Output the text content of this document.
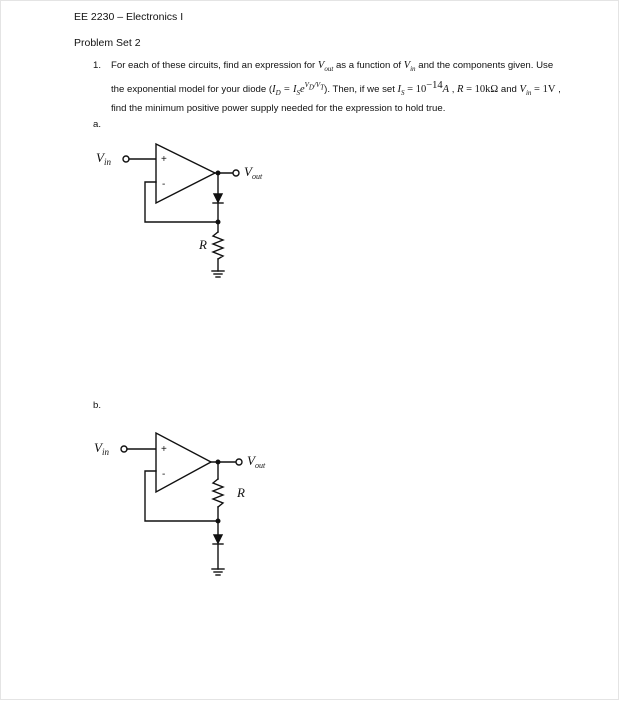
EE 2230 – Electronics I
Problem Set 2
1. For each of these circuits, find an expression for $V_{out}$ as a function of $V_{in}$ and the components given. Use the exponential model for your diode $(I_D = I_Se^{V_D/V_T})$. Then, if we set $I_S = 10^{-14}A$ , R = 10kΩ and $V_{in} = 1V$ , find the minimum positive power supply needed for the expression to hold true.
a.
b.
$V_{in}$	+
-
$V_{out}$
R
$V_{in}$	+
-
$V_{out}$
R
